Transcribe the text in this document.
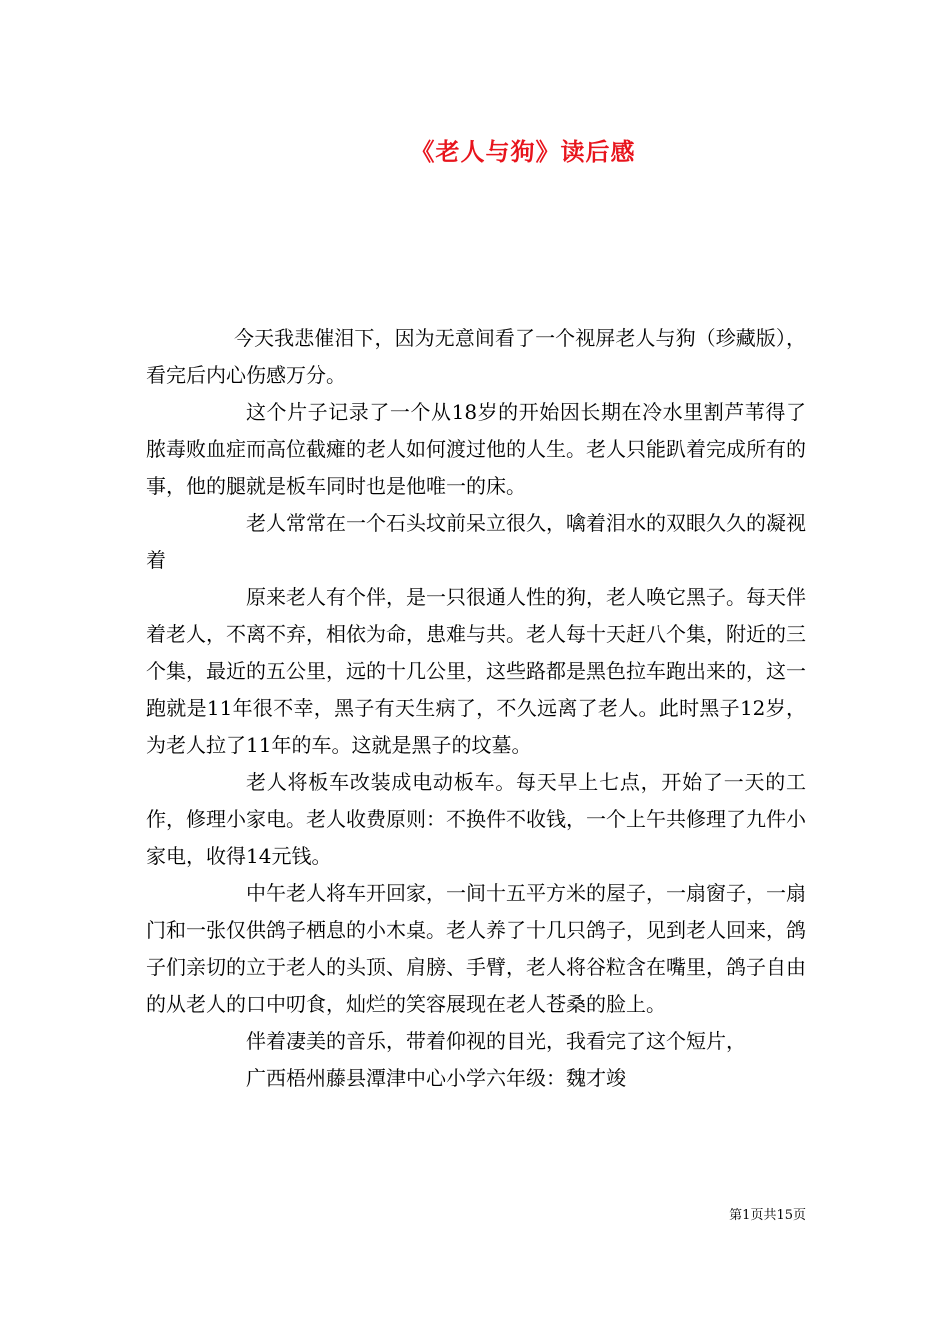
《老人与狗》读后感

今天我悲催泪下，因为无意间看了一个视屏老人与狗（珍藏版），看完后内心伤感万分。

这个片子记录了一个从18岁的开始因长期在冷水里割芦苇得了脓毒败血症而高位截瘫的老人如何渡过他的人生。老人只能趴着完成所有的事，他的腿就是板车同时也是他唯一的床。

老人常常在一个石头坟前呆立很久，噙着泪水的双眼久久的凝视着

原来老人有个伴，是一只很通人性的狗，老人唤它黑子。每天伴着老人，不离不弃，相依为命，患难与共。老人每十天赶八个集，附近的三个集，最近的五公里，远的十几公里，这些路都是黑色拉车跑出来的，这一跑就是11年很不幸，黑子有天生病了，不久远离了老人。此时黑子12岁，为老人拉了11年的车。这就是黑子的坟墓。

老人将板车改装成电动板车。每天早上七点，开始了一天的工作，修理小家电。老人收费原则：不换件不收钱，一个上午共修理了九件小家电，收得14元钱。

中午老人将车开回家，一间十五平方米的屋子，一扇窗子，一扇门和一张仅供鸽子栖息的小木桌。老人养了十几只鸽子，见到老人回来，鸽子们亲切的立于老人的头顶、肩膀、手臂，老人将谷粒含在嘴里，鸽子自由的从老人的口中叨食，灿烂的笑容展现在老人苍桑的脸上。

伴着凄美的音乐，带着仰视的目光，我看完了这个短片，

广西梧州藤县潭津中心小学六年级：魏才竣

第1页共15页
